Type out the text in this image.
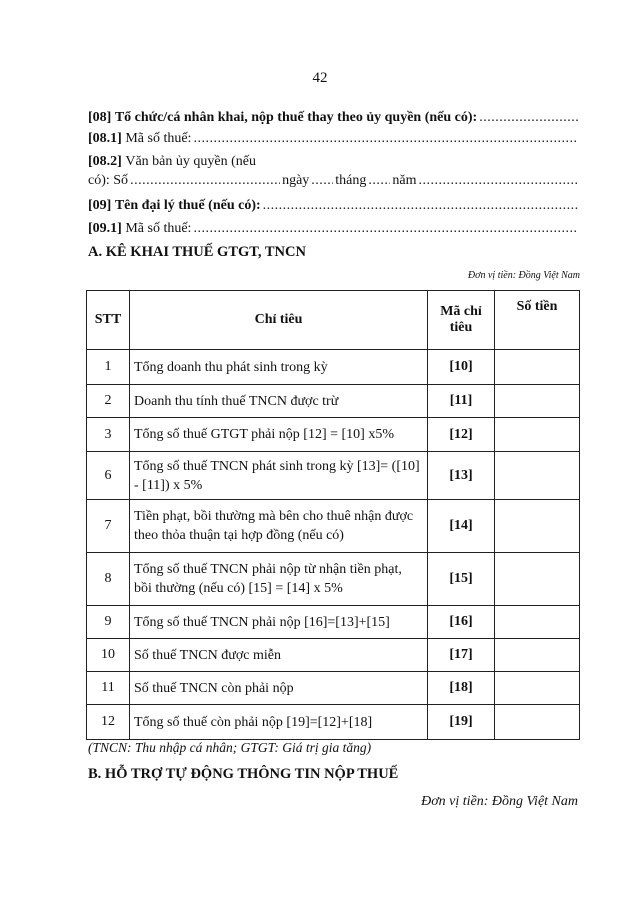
42
[08]
Tổ chức/cá nhân khai, nộp thuế thay theo ủy quyền (nếu có):
.....
[08.1]
Mã số thuế:
.....
[08.2]
Văn bản ủy quyền (nếu
có): Số .....	ngày ..... tháng ..... năm
.....
[09]
Tên đại lý thuế (nếu có):
.....
[09.1]
Mã số thuế:
.....
A. KÊ KHAI THUẾ GTGT, TNCN
Đơn vị tiền: Đồng Việt Nam
STT	Chỉ tiêu	Mã chỉ tiêu	Số tiền
1	Tổng doanh thu phát sinh trong kỳ	[10]	
2	Doanh thu tính thuế TNCN được trừ	[11]	
3	Tổng số thuế GTGT phải nộp [12] = [10] x5%	[12]	
6	Tổng số thuế TNCN phát sinh trong kỳ [13]= ([10] - [11]) x 5%	[13]	
7	Tiền phạt, bồi thường mà bên cho thuê nhận được theo thỏa thuận tại hợp đồng (nếu có)	[14]	
8	Tổng số thuế TNCN phải nộp từ nhận tiền phạt, bồi thường (nếu có) [15] = [14] x 5%	[15]	
9	Tổng số thuế TNCN phải nộp [16]=[13]+[15]	[16]	
10	Số thuế TNCN được miễn	[17]	
11	Số thuế TNCN còn phải nộp	[18]	
12	Tổng số thuế còn phải nộp [19]=[12]+[18]	[19]	
(TNCN: Thu nhập cá nhân; GTGT: Giá trị gia tăng)
B. HỖ TRỢ TỰ ĐỘNG THÔNG TIN NỘP THUẾ
Đơn vị tiền: Đồng Việt Nam
